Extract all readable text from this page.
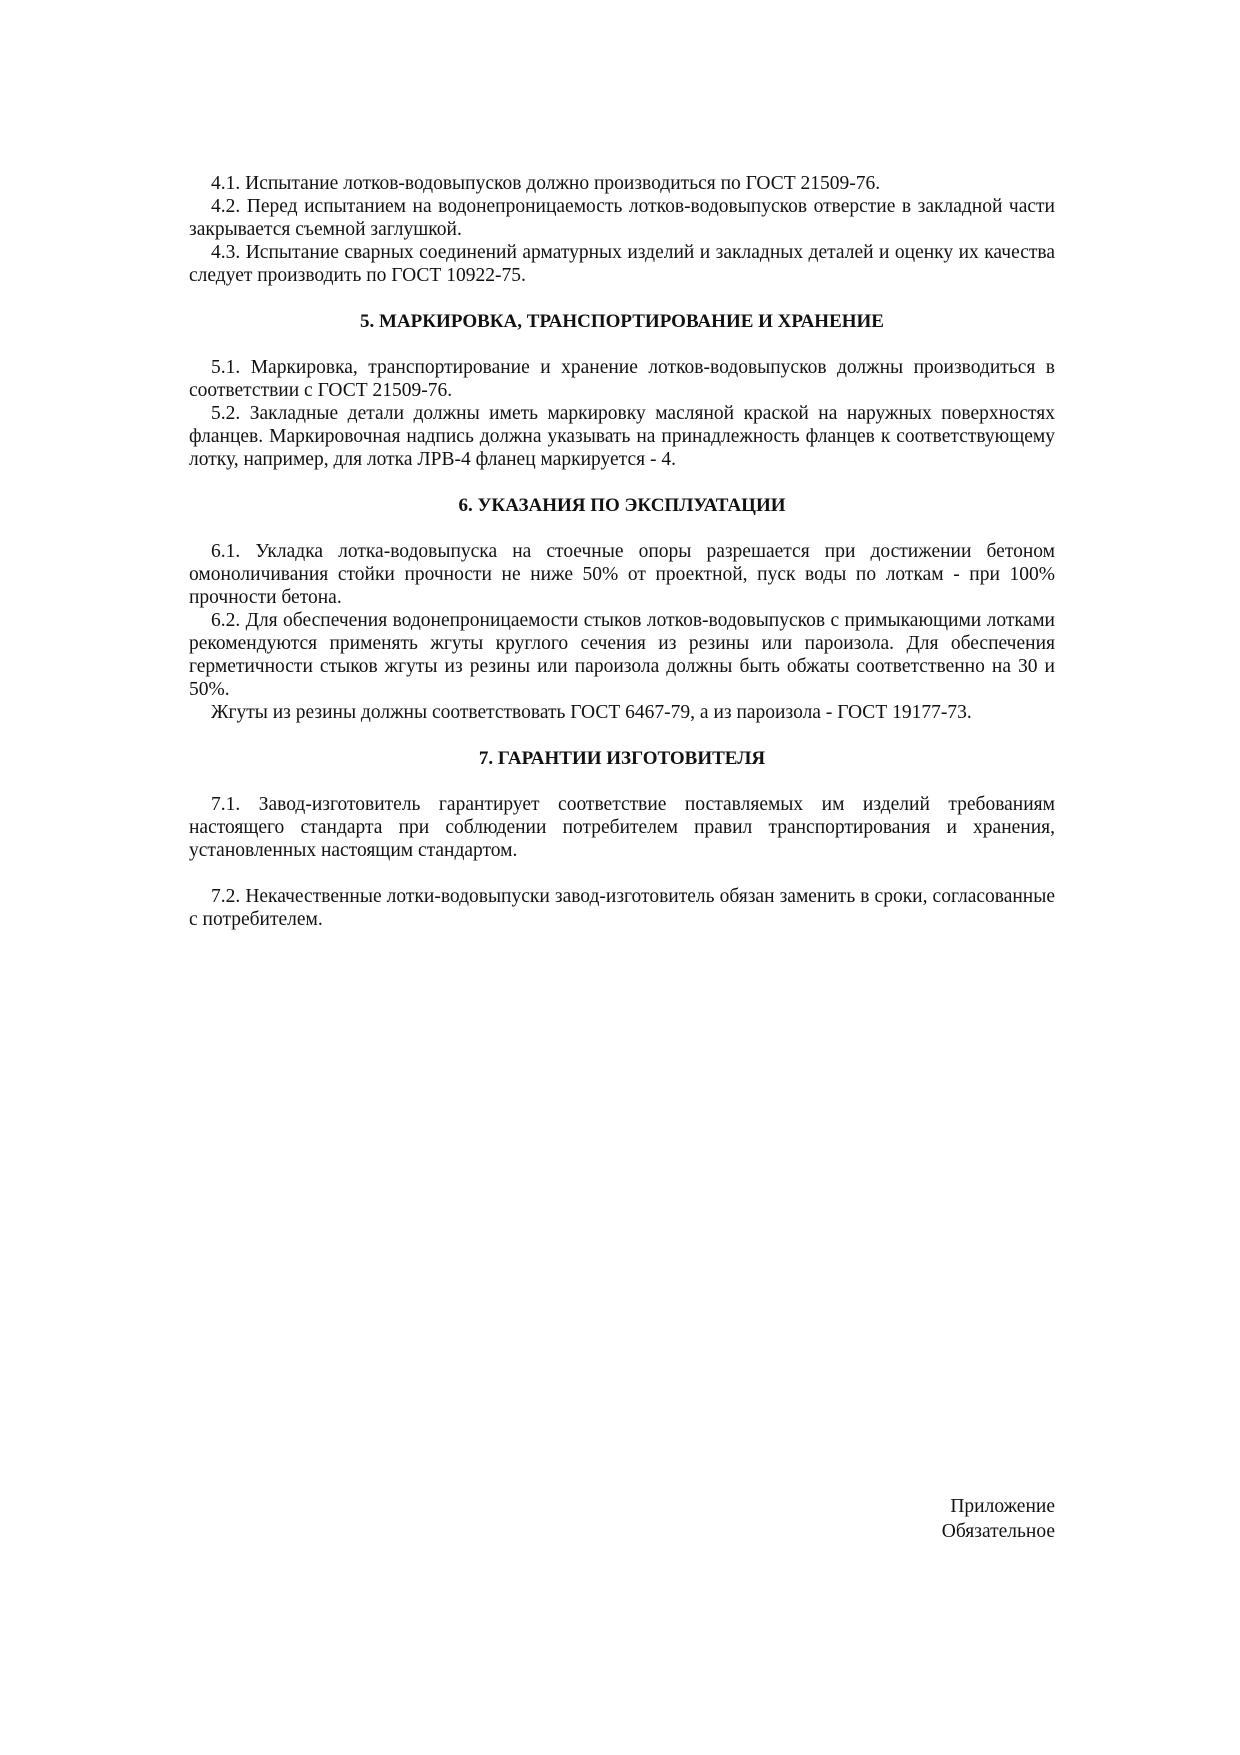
4.1. Испытание лотков-водовыпусков должно производиться по ГОСТ 21509-76.

4.2. Перед испытанием на водонепроницаемость лотков-водовыпусков отверстие в закладной части закрывается съемной заглушкой.

4.3. Испытание сварных соединений арматурных изделий и закладных деталей и оценку их качества следует производить по ГОСТ 10922-75.

5. МАРКИРОВКА, ТРАНСПОРТИРОВАНИЕ И ХРАНЕНИЕ

5.1. Маркировка, транспортирование и хранение лотков-водовыпусков должны производиться в соответствии с ГОСТ 21509-76.

5.2. Закладные детали должны иметь маркировку масляной краской на наружных поверхностях фланцев. Маркировочная надпись должна указывать на принадлежность фланцев к соответствующему лотку, например, для лотка ЛРВ-4 фланец маркируется - 4.

6. УКАЗАНИЯ ПО ЭКСПЛУАТАЦИИ

6.1. Укладка лотка-водовыпуска на стоечные опоры разрешается при достижении бетоном омоноличивания стойки прочности не ниже 50% от проектной, пуск воды по лоткам - при 100% прочности бетона.

6.2. Для обеспечения водонепроницаемости стыков лотков-водовыпусков с примыкающими лотками рекомендуются применять жгуты круглого сечения из резины или пароизола. Для обеспечения герметичности стыков жгуты из резины или пароизола должны быть обжаты соответственно на 30 и 50%.

Жгуты из резины должны соответствовать ГОСТ 6467-79, а из пароизола - ГОСТ 19177-73.

7. ГАРАНТИИ ИЗГОТОВИТЕЛЯ

7.1. Завод-изготовитель гарантирует соответствие поставляемых им изделий требованиям настоящего стандарта при соблюдении потребителем правил транспортирования и хранения, установленных настоящим стандартом.

7.2. Некачественные лотки-водовыпуски завод-изготовитель обязан заменить в сроки, согласованные с потребителем.

Приложение
Обязательное
